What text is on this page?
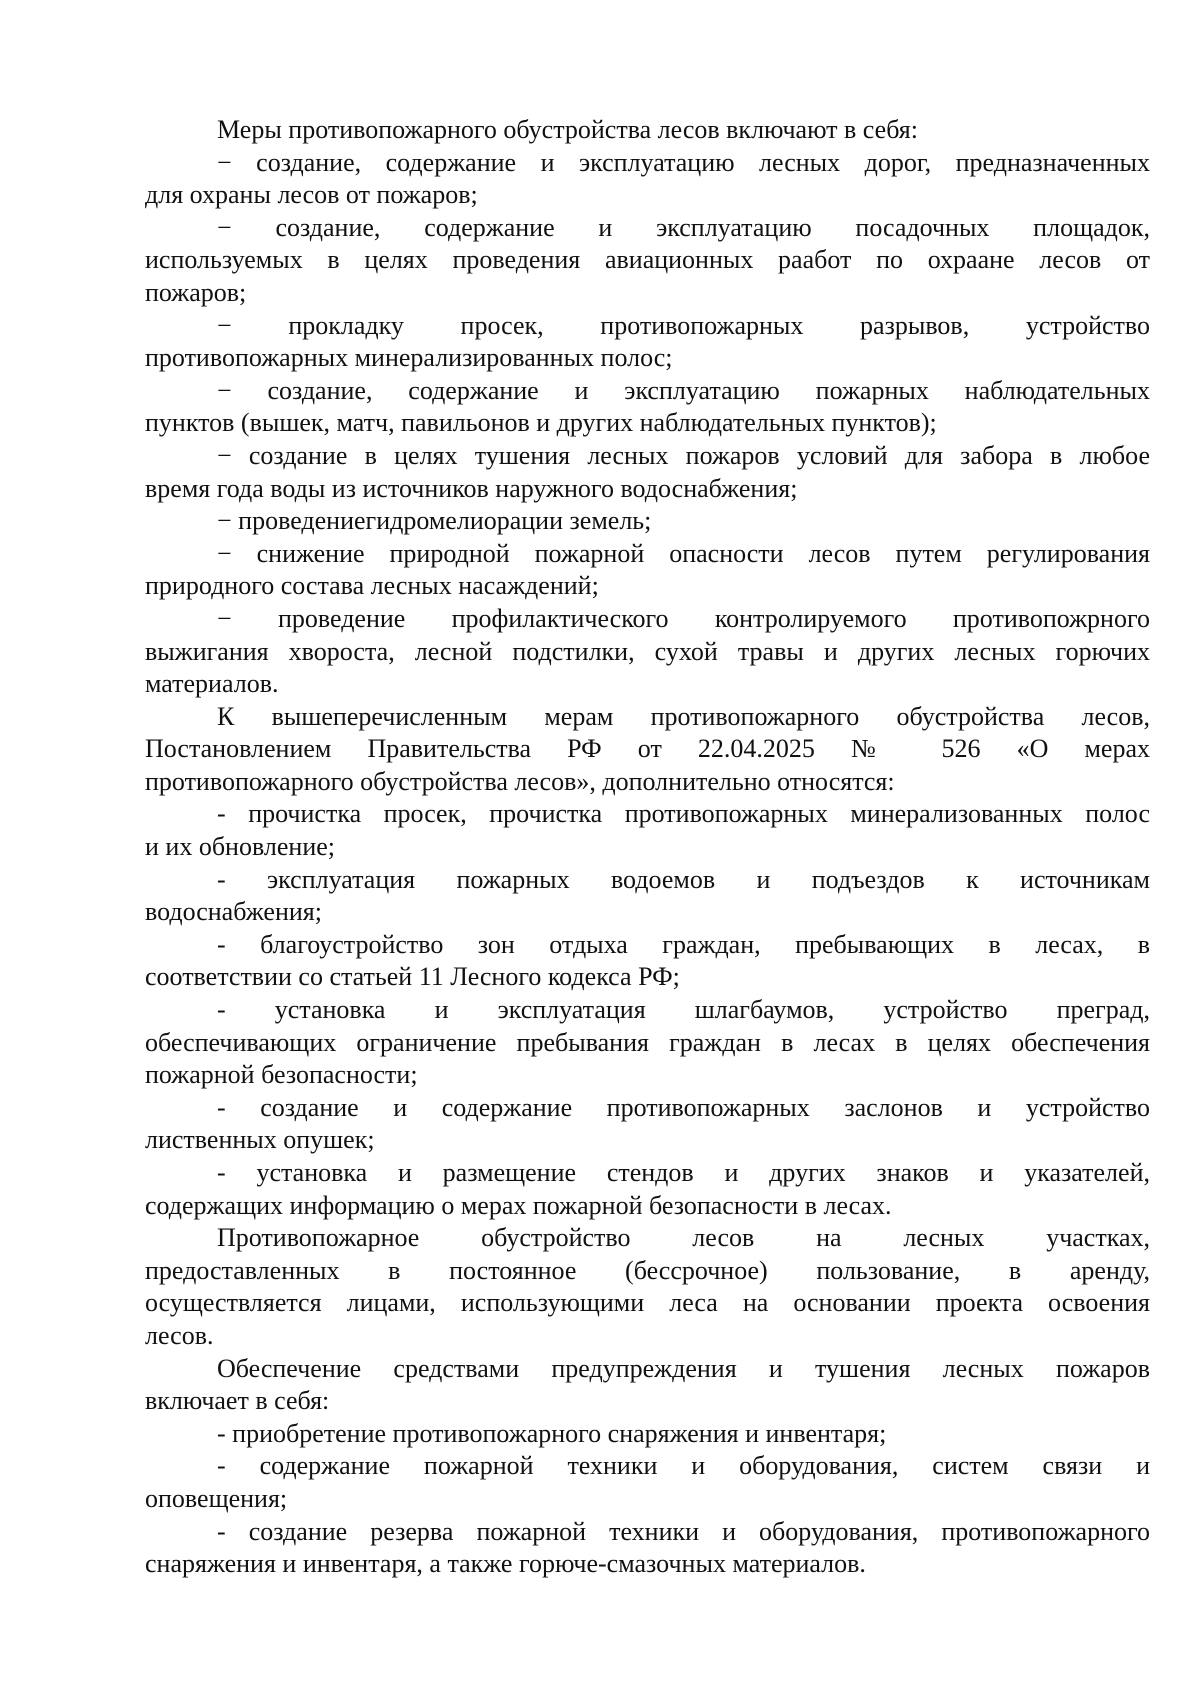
Меры противопожарного обустройства лесов включают в себя:
− создание, содержание и эксплуатацию лесных дорог, предназначенных
для охраны лесов от пожаров;
− создание, содержание и эксплуатацию посадочных площадок,
используемых в целях проведения авиационных раабот по охраане лесов от
пожаров;
− прокладку просек, противопожарных разрывов, устройство
противопожарных минерализированных полос;
− создание, содержание и эксплуатацию пожарных наблюдательных
пунктов (вышек, матч, павильонов и других наблюдательных пунктов);
− создание в целях тушения лесных пожаров условий для забора в любое
время года воды из источников наружного водоснабжения;
− проведениегидромелиорации земель;
− снижение природной пожарной опасности лесов путем регулирования
природного состава лесных насаждений;
− проведение профилактического контролируемого противопожрного
выжигания хвороста, лесной подстилки, сухой травы и других лесных горючих
материалов.
К вышеперечисленным мерам противопожарного обустройства лесов,
Постановлением Правительства РФ от 22.04.2025 № 526 «О мерах
противопожарного обустройства лесов», дополнительно относятся:
- прочистка просек, прочистка противопожарных минерализованных полос
и их обновление;
- эксплуатация пожарных водоемов и подъездов к источникам
водоснабжения;
- благоустройство зон отдыха граждан, пребывающих в лесах, в
соответствии со статьей 11 Лесного кодекса РФ;
- установка и эксплуатация шлагбаумов, устройство преград,
обеспечивающих ограничение пребывания граждан в лесах в целях обеспечения
пожарной безопасности;
- создание и содержание противопожарных заслонов и устройство
лиственных опушек;
- установка и размещение стендов и других знаков и указателей,
содержащих информацию о мерах пожарной безопасности в лесах.
Противопожарное обустройство лесов на лесных участках,
предоставленных в постоянное (бессрочное) пользование, в аренду,
осуществляется лицами, использующими леса на основании проекта освоения
лесов.
Обеспечение средствами предупреждения и тушения лесных пожаров
включает в себя:
- приобретение противопожарного снаряжения и инвентаря;
- содержание пожарной техники и оборудования, систем связи и
оповещения;
- создание резерва пожарной техники и оборудования, противопожарного
снаряжения и инвентаря, а также горюче-смазочных материалов.
